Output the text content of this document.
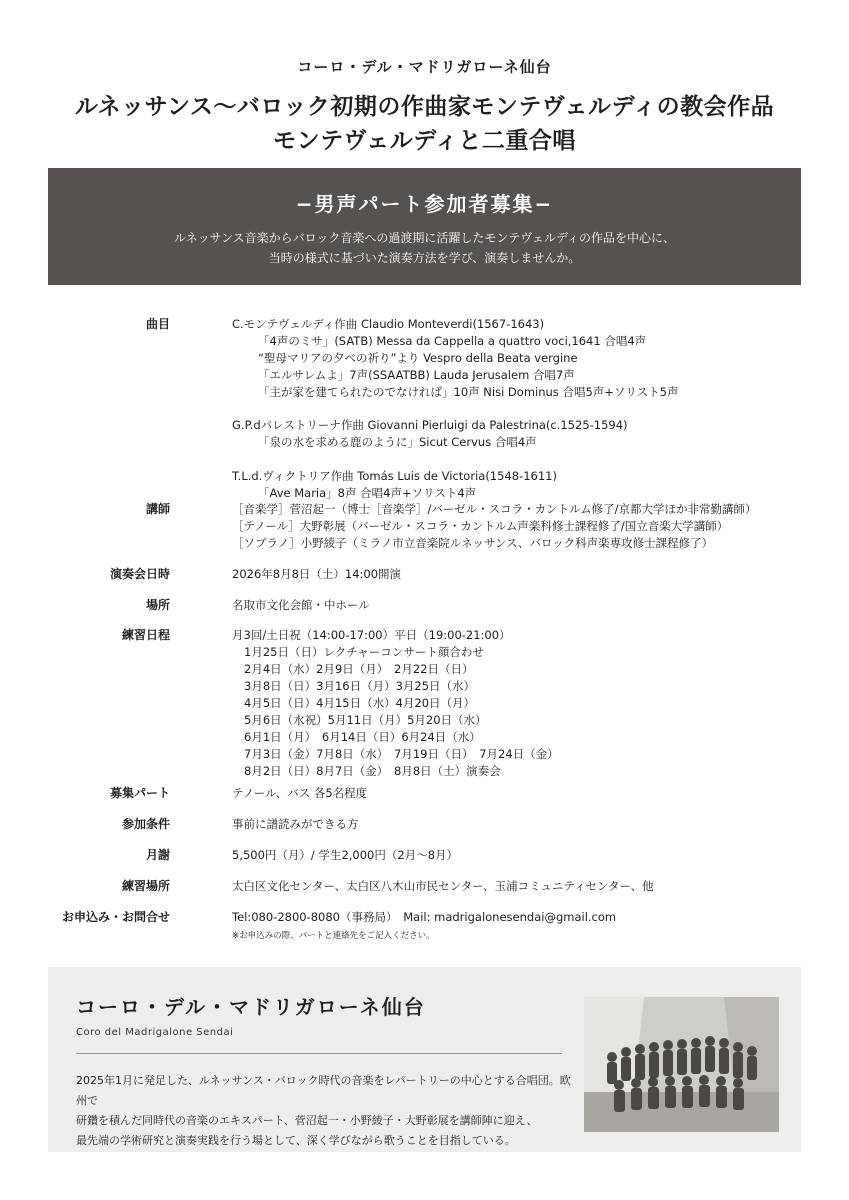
コーロ・デル・マドリガローネ仙台
ルネッサンス〜バロック初期の作曲家モンテヴェルディの教会作品
モンテヴェルディと二重合唱
−男声パート参加者募集−
ルネッサンス音楽からバロック音楽への過渡期に活躍したモンテヴェルディの作品を中心に、
当時の様式に基づいた演奏方法を学び、演奏しませんか。
曲目	C.モンテヴェルディ作曲 Claudio Monteverdi(1567-1643)
「4声のミサ」(SATB) Messa da Cappella a quattro voci,1641 合唱4声
“聖母マリアの夕べの祈り”より Vespro della Beata vergine
「エルサレムよ」7声(SSAATBB) Lauda Jerusalem 合唱7声
「主が家を建てられたのでなければ」10声 Nisi Dominus 合唱5声+ソリスト5声
G.P.dパレストリーナ作曲 Giovanni Pierluigi da Palestrina(c.1525-1594)
「泉の水を求める鹿のように」Sicut Cervus 合唱4声
T.L.d.ヴィクトリア作曲 Tomás Luis de Victoria(1548-1611)
「Ave Maria」8声 合唱4声+ソリスト4声
講師	［音楽学］菅沼起一（博士［音楽学］/バーゼル・スコラ・カントルム修了/京都大学ほか非常勤講師）
［テノール］大野彰展（バーゼル・スコラ・カントルム声楽科修士課程修了/国立音楽大学講師）
［ソプラノ］小野綾子（ミラノ市立音楽院ルネッサンス、バロック科声楽専攻修士課程修了）
演奏会日時	2026年8月8日（土）14:00開演
場所	名取市文化会館・中ホール
練習日程	月3回/土日祝（14:00-17:00）平日（19:00-21:00）
1月25日（日）レクチャーコンサート顔合わせ
2月4日（水）2月9日（月）　2月22日（日）
3月8日（日）3月16日（月）3月25日（水）
4月5日（日）4月15日（水）4月20日（月）
5月6日（水祝）5月11日（月）5月20日（水）
6月1日（月）　6月14日（日）6月24日（水）
7月3日（金）7月8日（水）　7月19日（日）　7月24日（金）
8月2日（日）8月7日（金）　8月8日（土）演奏会
募集パート	テノール、バス 各5名程度
参加条件	事前に譜読みができる方
月謝	5,500円（月）/ 学生2,000円（2月〜8月）
練習場所	太白区文化センター、太白区八木山市民センター、玉浦コミュニティセンター、他
お申込み・お問合せ	Tel:080-2800-8080（事務局）　Mail: madrigalonesendai@gmail.com
※お申込みの際、パートと連絡先をご記入ください。
コーロ・デル・マドリガローネ仙台
Coro del Madrigalone Sendai
2025年1月に発足した、ルネッサンス・バロック時代の音楽をレパートリーの中心とする合唱団。欧州で
研鑽を積んだ同時代の音楽のエキスパート、菅沼起一・小野綾子・大野彰展を講師陣に迎え、
最先端の学術研究と演奏実践を行う場として、深く学びながら歌うことを目指している。
